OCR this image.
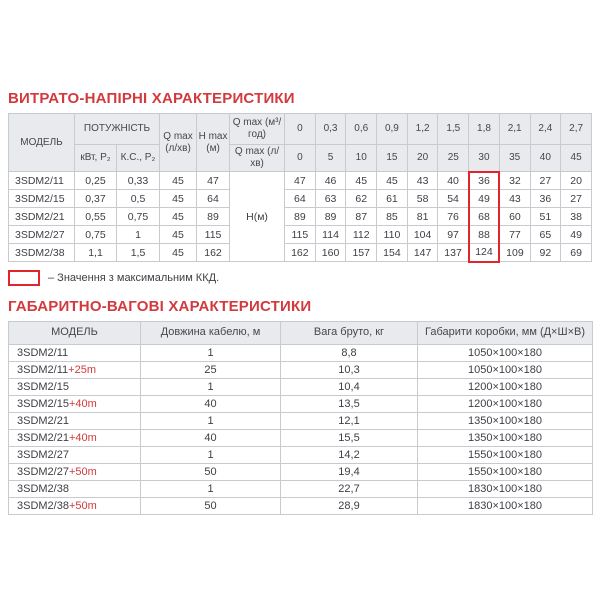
ВИТРАТО-НАПІРНІ ХАРАКТЕРИСТИКИ
МОДЕЛЬ	ПОТУЖНІСТЬ		Q max (л/хв)	H max (м)	Q max (м³/год)	0	0,3	0,6	0,9	1,2	1,5	1,8	2,1	2,4	2,7
	кВт, P₂	К.С., P₂			Q max (л/хв)	0	5	10	15	20	25	30	35	40	45
3SDM2/11	0,25	0,33	45	47	Н(м)	47	46	45	45	43	40	36	32	27	20
3SDM2/15	0,37	0,5	45	64		64	63	62	61	58	54	49	43	36	27
3SDM2/21	0,55	0,75	45	89		89	89	87	85	81	76	68	60	51	38
3SDM2/27	0,75	1	45	115		115	114	112	110	104	97	88	77	65	49
3SDM2/38	1,1	1,5	45	162		162	160	157	154	147	137	124	109	92	69
– Значення з максимальним ККД.
ГАБАРИТНО-ВАГОВІ ХАРАКТЕРИСТИКИ
МОДЕЛЬ	Довжина кабелю, м	Вага бруто, кг	Габарити коробки, мм (Д×Ш×В)
3SDM2/11	1	8,8	1050×100×180
3SDM2/11+25m	25	10,3	1050×100×180
3SDM2/15	1	10,4	1200×100×180
3SDM2/15+40m	40	13,5	1200×100×180
3SDM2/21	1	12,1	1350×100×180
3SDM2/21+40m	40	15,5	1350×100×180
3SDM2/27	1	14,2	1550×100×180
3SDM2/27+50m	50	19,4	1550×100×180
3SDM2/38	1	22,7	1830×100×180
3SDM2/38+50m	50	28,9	1830×100×180
